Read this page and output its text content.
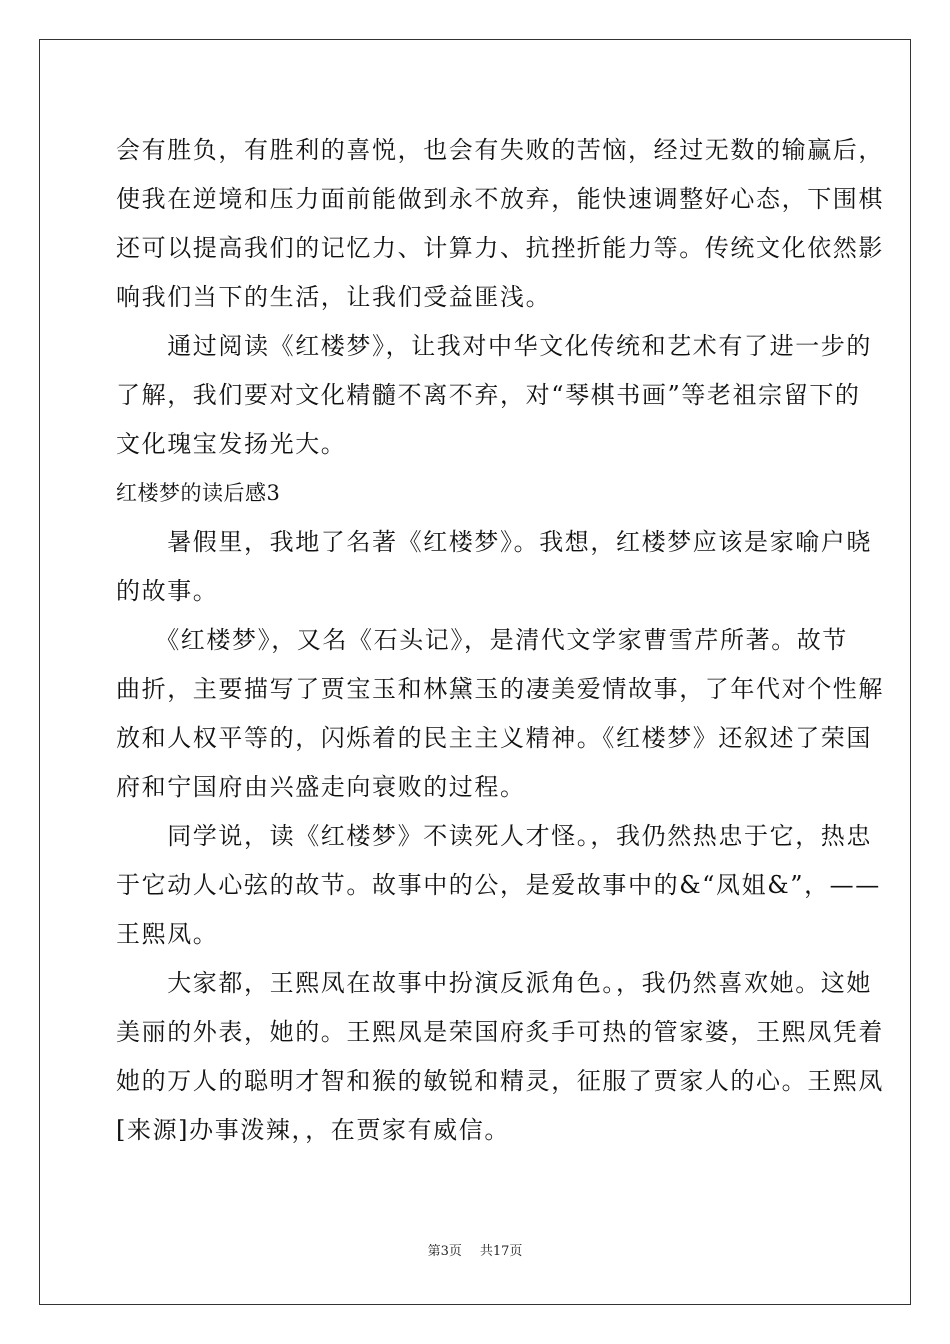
会有胜负，有胜利的喜悦，也会有失败的苦恼，经过无数的输赢后，
使我在逆境和压力面前能做到永不放弃，能快速调整好心态，下围棋
还可以提高我们的记忆力、计算力、抗挫折能力等。传统文化依然影
响我们当下的生活，让我们受益匪浅。
　　通过阅读《红楼梦》，让我对中华文化传统和艺术有了进一步的
了解，我们要对文化精髓不离不弃，对“琴棋书画”等老祖宗留下的
文化瑰宝发扬光大。
红楼梦的读后感3
　　暑假里，我地了名著《红楼梦》。我想，红楼梦应该是家喻户晓
的故事。
　　《红楼梦》，又名《石头记》，是清代文学家曹雪芹所著。故节
曲折，主要描写了贾宝玉和林黛玉的凄美爱情故事，了年代对个性解
放和人权平等的，闪烁着的民主主义精神。《红楼梦》还叙述了荣国
府和宁国府由兴盛走向衰败的过程。
　　同学说，读《红楼梦》不读死人才怪。，我仍然热忠于它，热忠
于它动人心弦的故节。故事中的公，是爱故事中的&“凤姐&”，——
王熙凤。
　　大家都，王熙凤在故事中扮演反派角色。，我仍然喜欢她。这她
美丽的外表，她的。王熙凤是荣国府炙手可热的管家婆，王熙凤凭着
她的万人的聪明才智和猴的敏锐和精灵，征服了贾家人的心。王熙凤
[来源]办事泼辣，，在贾家有威信。
第3页 共17页
